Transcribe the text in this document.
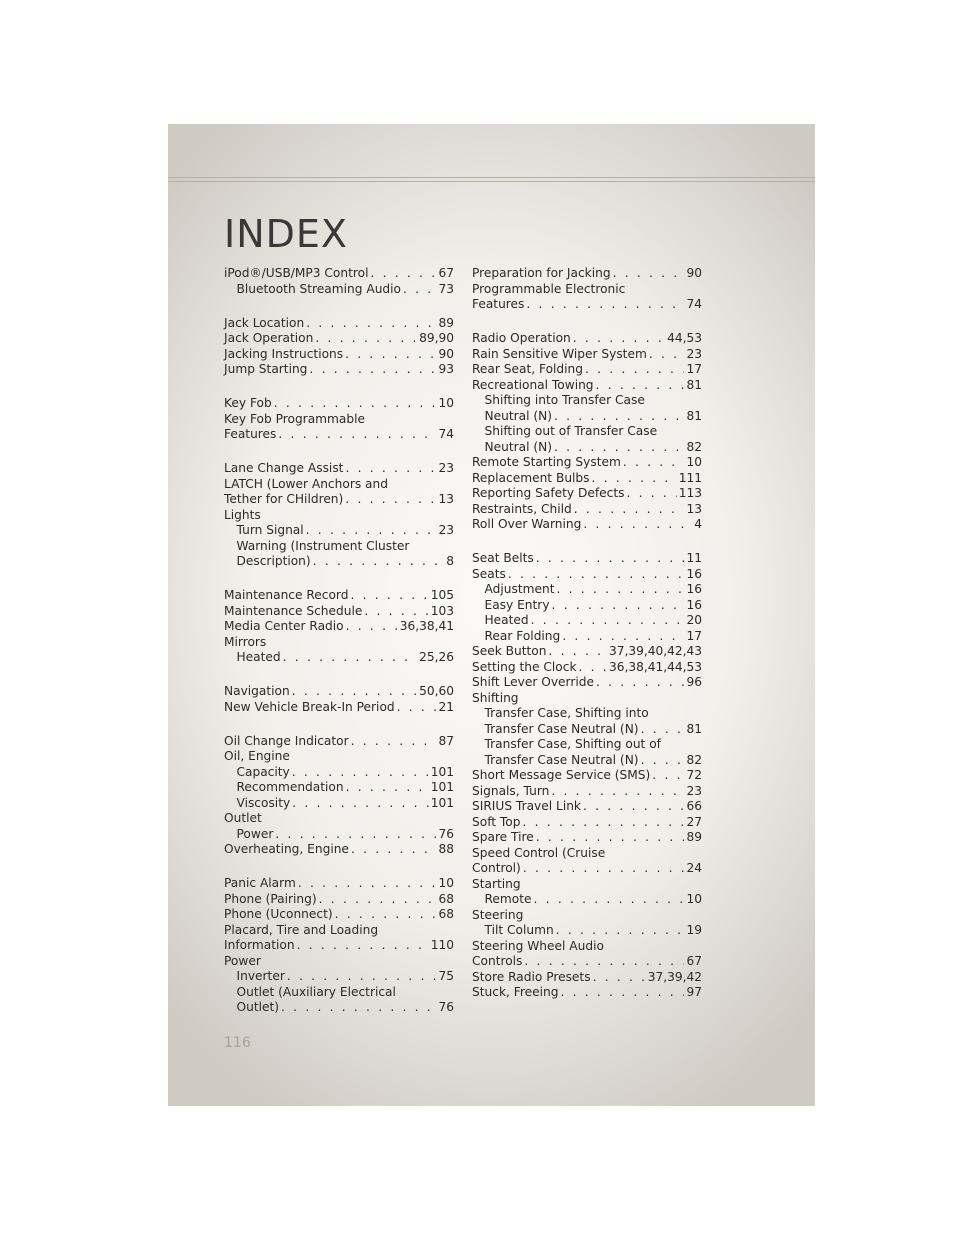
INDEX
iPod®/USB/MP3 Control . . .	67
Bluetooth Streaming Audio . . .	73
Jack Location . . .	89
Jack Operation . . .	89,90
Jacking Instructions . . .	90
Jump Starting . . .	93
Key Fob . . .	10
Key Fob Programmable
Features . . .	74
Lane Change Assist . . .	23
LATCH (Lower Anchors and
Tether for CHildren) . . .	13
Lights
Turn Signal . . .	23
Warning (Instrument Cluster
Description) . . .	8
Maintenance Record . . .	105
Maintenance Schedule . . .	103
Media Center Radio . . .	36,38,41
Mirrors
Heated . . .	25,26
Navigation . . .	50,60
New Vehicle Break-In Period . . .	21
Oil Change Indicator . . .	87
Oil, Engine
Capacity . . .	101
Recommendation . . .	101
Viscosity . . .	101
Outlet
Power . . .	76
Overheating, Engine . . .	88
Panic Alarm . . .	10
Phone (Pairing) . . .	68
Phone (Uconnect) . . .	68
Placard, Tire and Loading
Information . . .	110
Power
Inverter . . .	75
Outlet (Auxiliary Electrical
Outlet) . . .	76
Preparation for Jacking . . .	90
Programmable Electronic
Features . . .	74
Radio Operation . . .	44,53
Rain Sensitive Wiper System . . .	23
Rear Seat, Folding . . .	17
Recreational Towing . . .	81
Shifting into Transfer Case
Neutral (N) . . .	81
Shifting out of Transfer Case
Neutral (N) . . .	82
Remote Starting System . . .	10
Replacement Bulbs . . .	111
Reporting Safety Defects . . .	113
Restraints, Child . . .	13
Roll Over Warning . . .	4
Seat Belts . . .	11
Seats . . .	16
Adjustment . . .	16
Easy Entry . . .	16
Heated . . .	20
Rear Folding . . .	17
Seek Button . . .	37,39,40,42,43
Setting the Clock . . .	36,38,41,44,53
Shift Lever Override . . .	96
Shifting
Transfer Case, Shifting into
Transfer Case Neutral (N) . . .	81
Transfer Case, Shifting out of
Transfer Case Neutral (N) . . .	82
Short Message Service (SMS) . . .	72
Signals, Turn . . .	23
SIRIUS Travel Link . . .	66
Soft Top . . .	27
Spare Tire . . .	89
Speed Control (Cruise
Control) . . .	24
Starting
Remote . . .	10
Steering
Tilt Column . . .	19
Steering Wheel Audio
Controls . . .	67
Store Radio Presets . . .	37,39,42
Stuck, Freeing . . .	97
116
